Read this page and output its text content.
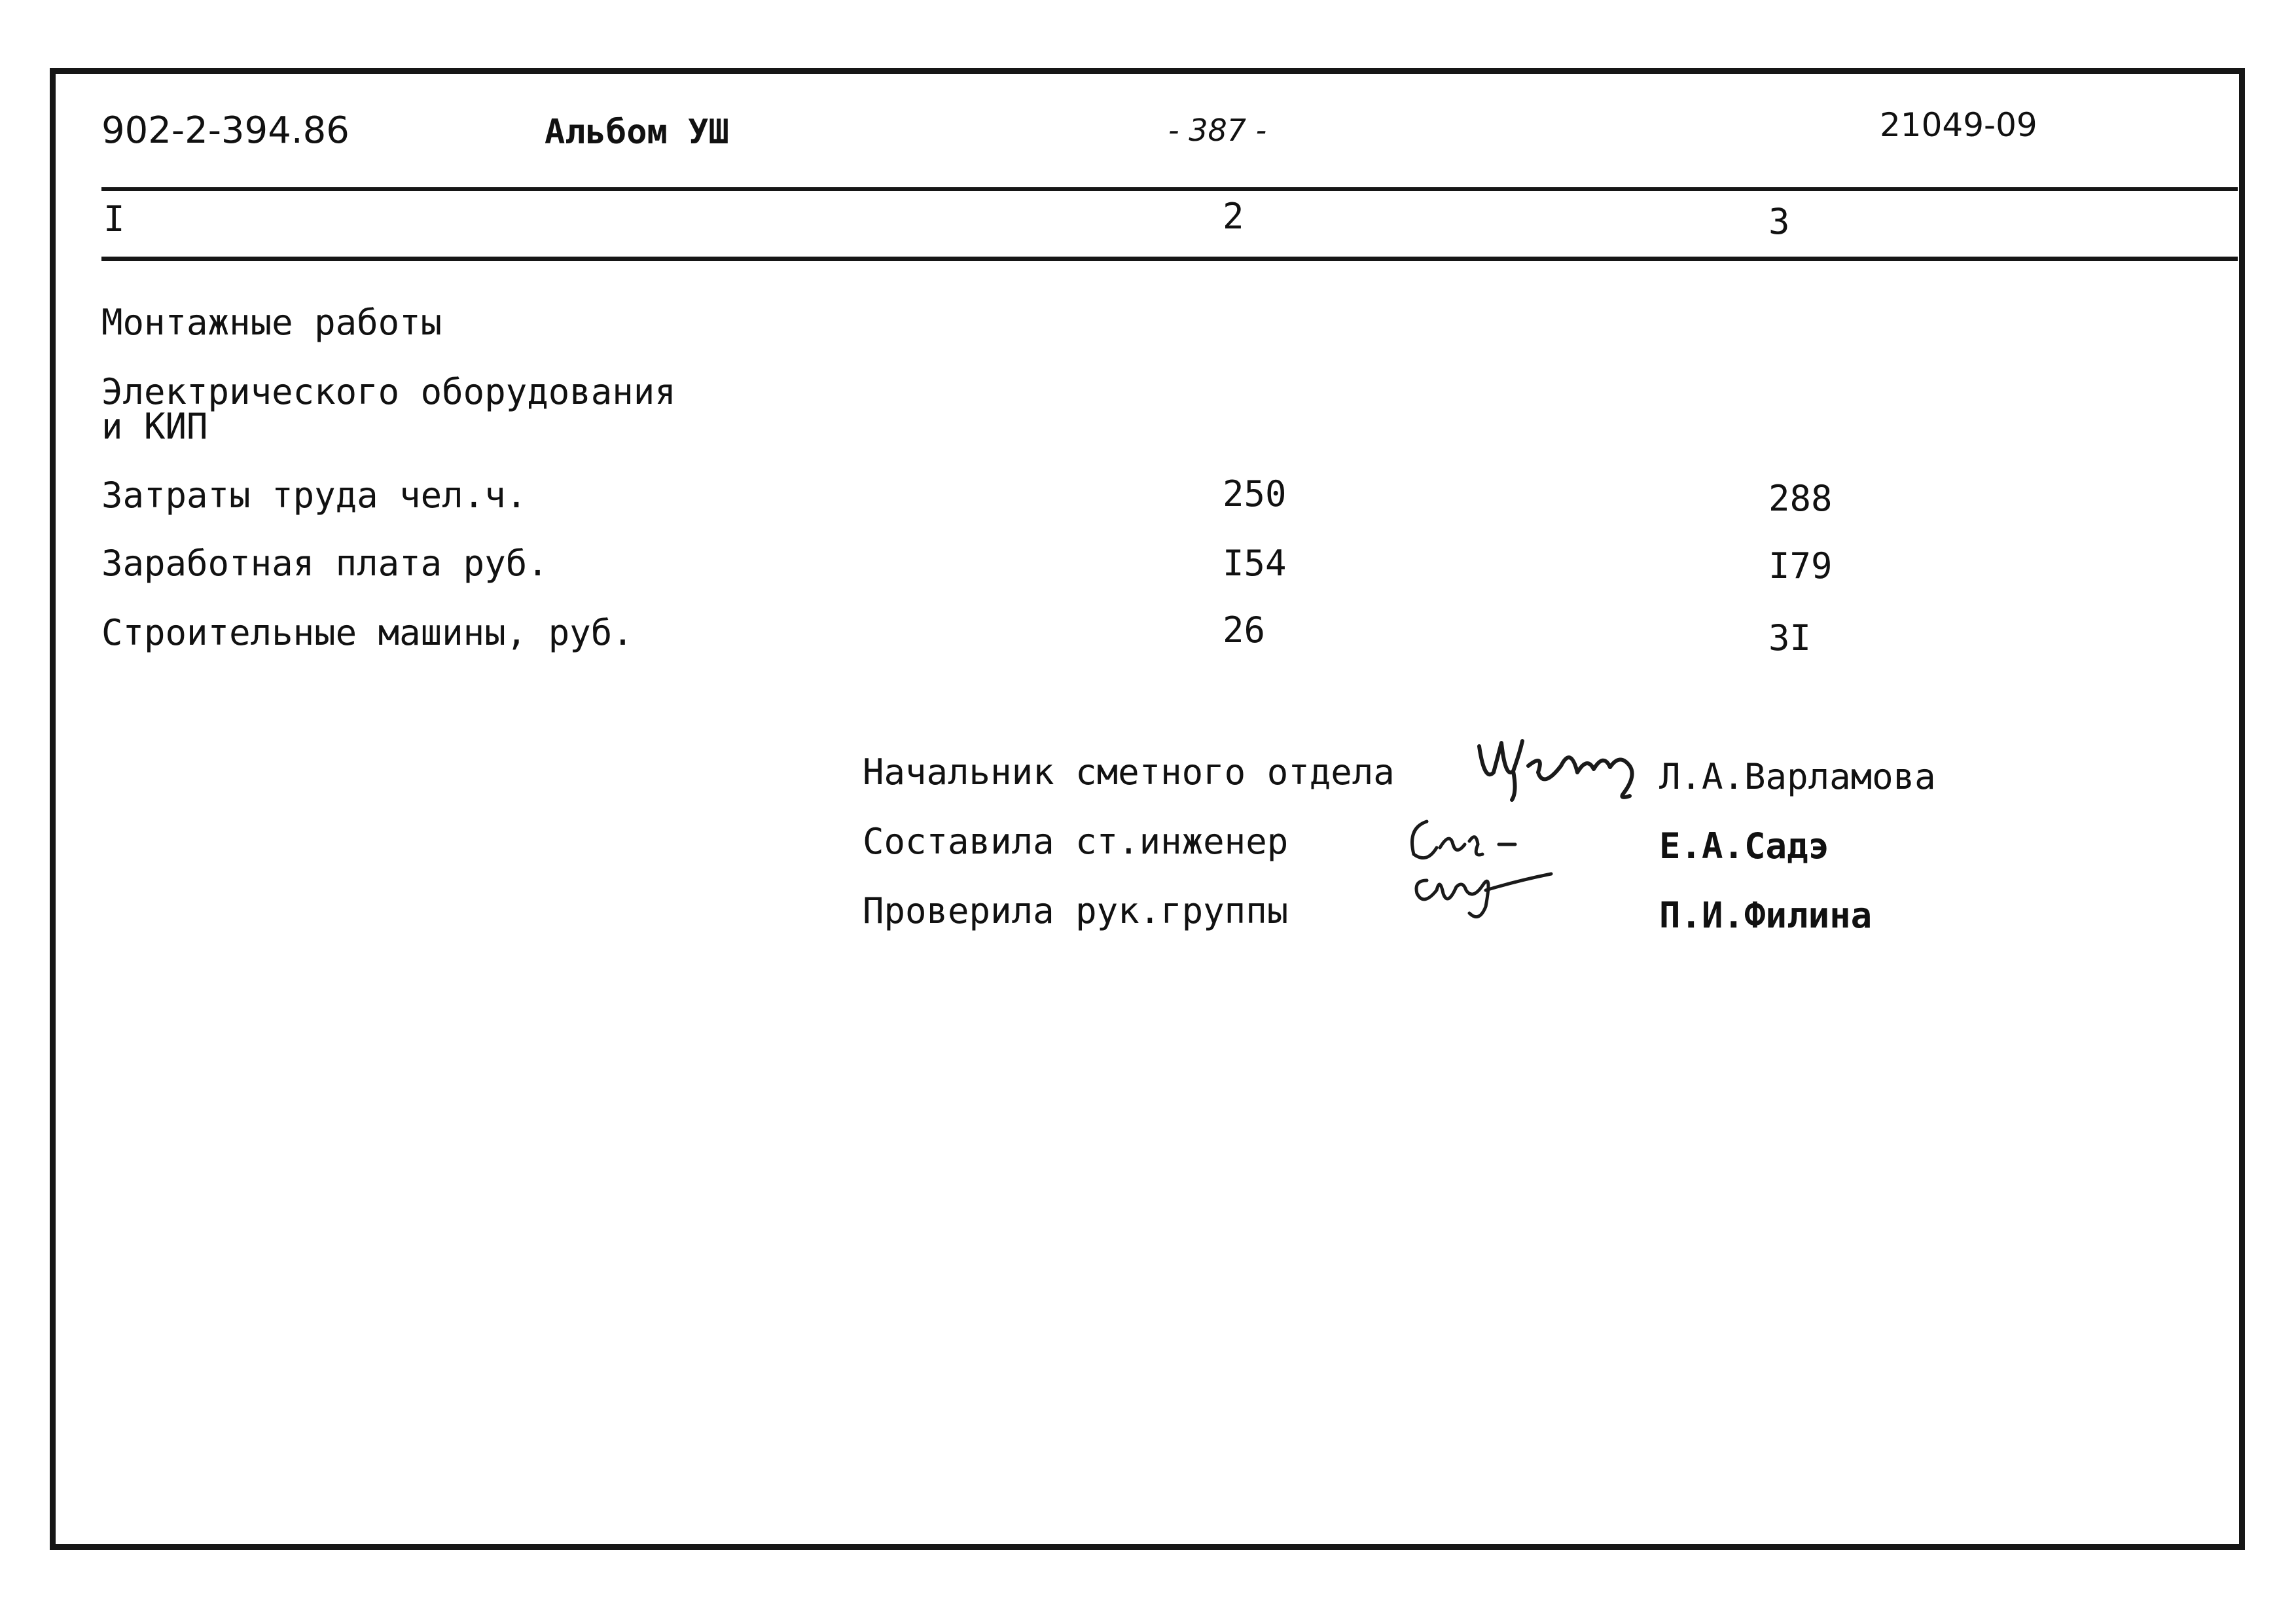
902-2-394.86	Альбом УШ	- 387 -	21049-09
I	2	3
Монтажные работы
Электрического оборудования
и КИП
Затраты труда чел.ч.	250	288
Заработная плата руб.	I54	I79
Строительные машины, руб.	26	3I
Начальник сметного отдела	Л.А.Варламова
Составила ст.инженер	Е.А.Садэ
Проверила рук.группы	П.И.Филина
